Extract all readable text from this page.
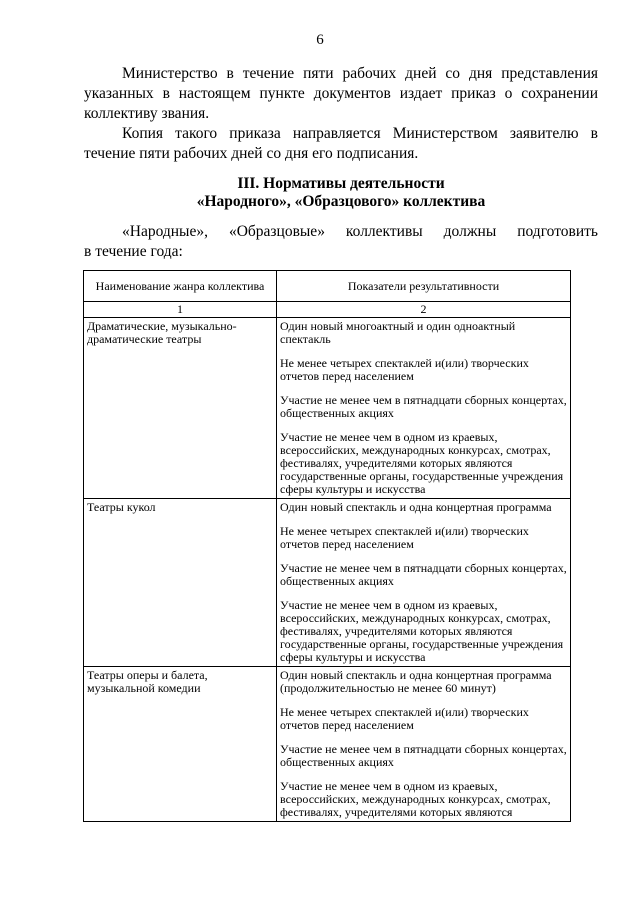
6

Министерство в течение пяти рабочих дней со дня представления указанных в настоящем пункте документов издает приказ о сохранении коллективу звания.

Копия такого приказа направляется Министерством заявителю в течение пяти рабочих дней со дня его подписания.

III. Нормативы деятельности
«Народного», «Образцового» коллектива
«Народные», «Образцовые» коллективы должны подготовить
в течение года:
Наименование жанра коллектива	Показатели результативности
1	2
Драматические, музыкально-драматические театры	Один новый многоактный и один одноактный спектакль
Не менее четырех спектаклей и(или) творческих отчетов перед населением
Участие не менее чем в пятнадцати сборных концертах, общественных акциях
Участие не менее чем в одном из краевых, всероссийских, международных конкурсах, смотрах, фестивалях, учредителями которых являются государственные органы, государственные учреждения сферы культуры и искусства

Театры кукол	Один новый спектакль и одна концертная программа
Не менее четырех спектаклей и(или) творческих отчетов перед населением
Участие не менее чем в пятнадцати сборных концертах, общественных акциях
Участие не менее чем в одном из краевых, всероссийских, международных конкурсах, смотрах, фестивалях, учредителями которых являются государственные органы, государственные учреждения сферы культуры и искусства

Театры оперы и балета, музыкальной комедии	Один новый спектакль и одна концертная программа (продолжительностью не менее 60 минут)
Не менее четырех спектаклей и(или) творческих отчетов перед населением
Участие не менее чем в пятнадцати сборных концертах, общественных акциях
Участие не менее чем в одном из краевых, всероссийских, международных конкурсах, смотрах, фестивалях, учредителями которых являются
